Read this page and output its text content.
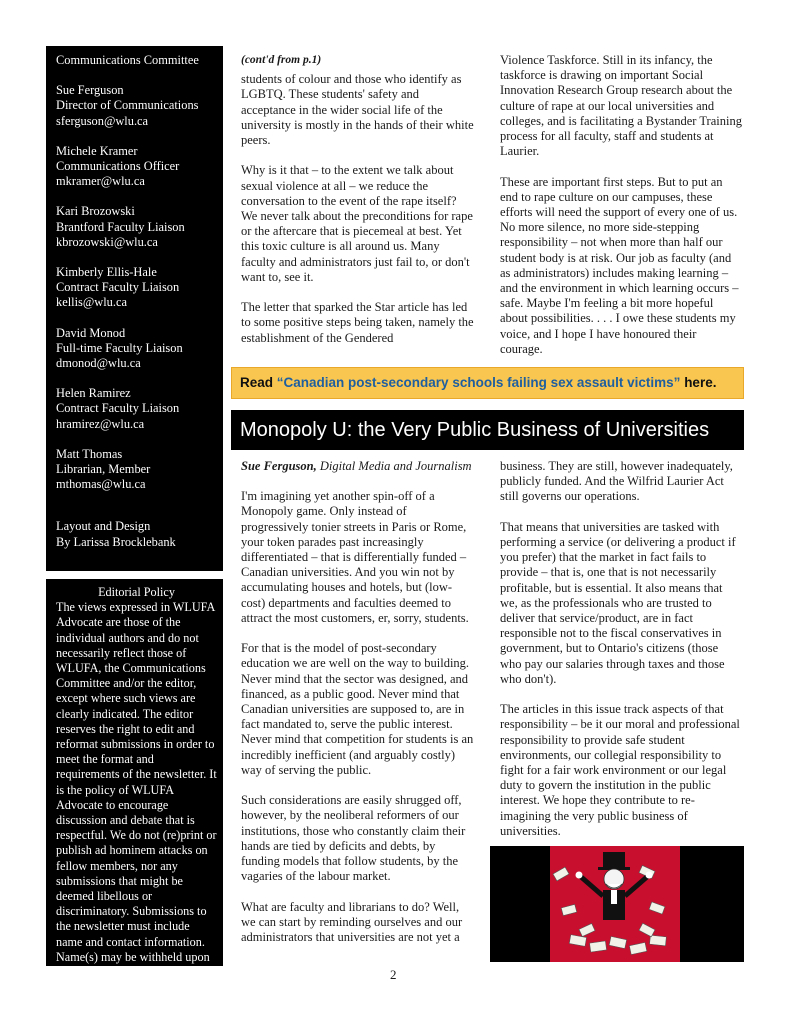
Communications Committee
Sue Ferguson
Director of Communications
sferguson@wlu.ca
Michele Kramer
Communications Officer
mkramer@wlu.ca
Kari Brozowski
Brantford Faculty Liaison
kbrozowski@wlu.ca
Kimberly Ellis-Hale
Contract Faculty Liaison
kellis@wlu.ca
David Monod
Full-time Faculty Liaison
dmonod@wlu.ca
Helen Ramirez
Contract Faculty Liaison
hramirez@wlu.ca
Matt Thomas
Librarian, Member
mthomas@wlu.ca
Layout and Design
By Larissa Brocklebank
Editorial Policy
The views expressed in WLUFA Advocate are those of the individual authors and do not necessarily reflect those of WLUFA, the Communications Committee and/or the editor, except where such views are clearly indicated. The editor reserves the right to edit and reformat submissions in order to meet the format and requirements of the newsletter. It is the policy of WLUFA Advocate to encourage discussion and debate that is respectful. We do not (re)print or publish ad hominem attacks on fellow members, nor any submissions that might be deemed libellous or discriminatory. Submissions to the newsletter must include name and contact information. Name(s) may be withheld upon request.
(cont'd from p.1)

students of colour and those who identify as LGBTQ. These students' safety and acceptance in the wider social life of the university is mostly in the hands of their white peers.

Why is it that – to the extent we talk about sexual violence at all – we reduce the conversation to the event of the rape itself? We never talk about the preconditions for rape or the aftercare that is piecemeal at best. Yet this toxic culture is all around us. Many faculty and administrators just fail to, or don't want to, see it.

The letter that sparked the Star article has led to some positive steps being taken, namely the establishment of the Gendered

Violence Taskforce. Still in its infancy, the taskforce is drawing on important Social Innovation Research Group research about the culture of rape at our local universities and colleges, and is facilitating a Bystander Training process for all faculty, staff and students at Laurier.

These are important first steps. But to put an end to rape culture on our campuses, these efforts will need the support of every one of us. No more silence, no more side-stepping responsibility – not when more than half our student body is at risk. Our job as faculty (and as administrators) includes making learning – and the environment in which learning occurs – safe. Maybe I'm feeling a bit more hopeful about possibilities. . . . I owe these students my voice, and I hope I have honoured their courage.

Read “Canadian post-secondary schools failing sex assault victims” here.
Monopoly U: the Very Public Business of Universities
Sue Ferguson, Digital Media and Journalism

I'm imagining yet another spin-off of a Monopoly game. Only instead of progressively tonier streets in Paris or Rome, your token parades past increasingly differentiated – that is differentially funded – Canadian universities. And you win not by accumulating houses and hotels, but (low-cost) departments and faculties deemed to attract the most customers, er, sorry, students.

For that is the model of post-secondary education we are well on the way to building. Never mind that the sector was designed, and financed, as a public good. Never mind that Canadian universities are supposed to, are in fact mandated to, serve the public interest. Never mind that competition for students is an incredibly inefficient (and arguably costly) way of serving the public.

Such considerations are easily shrugged off, however, by the neoliberal reformers of our institutions, those who constantly claim their hands are tied by deficits and debts, by funding models that follow students, by the vagaries of the labour market.

What are faculty and librarians to do? Well, we can start by reminding ourselves and our administrators that universities are not yet a

business. They are still, however inadequately, publicly funded. And the Wilfrid Laurier Act still governs our operations.

That means that universities are tasked with performing a service (or delivering a product if you prefer) that the market in fact fails to provide – that is, one that is not necessarily profitable, but is essential. It also means that we, as the professionals who are trusted to deliver that service/product, are in fact responsible not to the fiscal conservatives in government, but to Ontario's citizens (those who pay our salaries through taxes and those who don't).

The articles in this issue track aspects of that responsibility – be it our moral and professional responsibility to provide safe student environments, our collegial responsibility to fight for a fair work environment or our legal duty to govern the institution in the public interest. We hope they contribute to re-imagining the very public business of universities.

2
